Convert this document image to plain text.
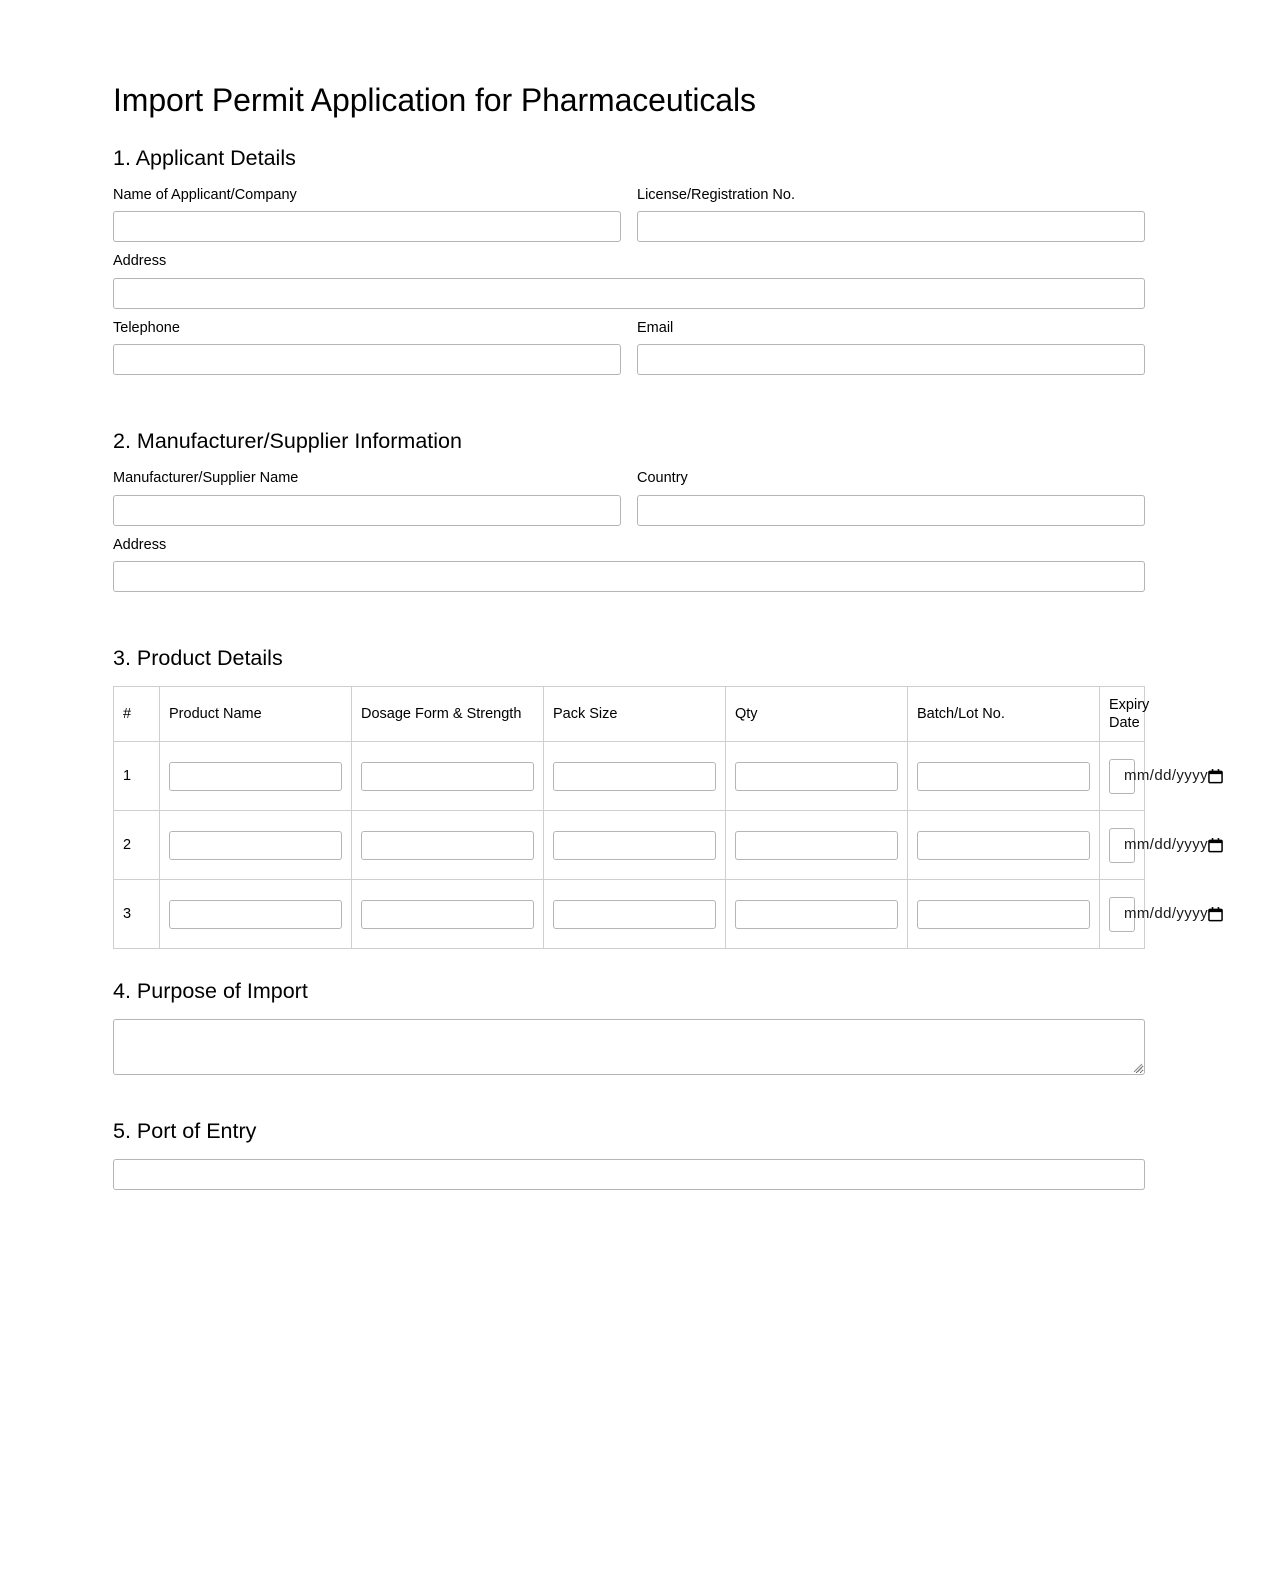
Import Permit Application for Pharmaceuticals
1. Applicant Details
Name of Applicant/Company	License/Registration No.
Address
Telephone	Email
2. Manufacturer/Supplier Information
Manufacturer/Supplier Name	Country
Address
3. Product Details
#	Product Name	Dosage Form & Strength	Pack Size	Qty	Batch/Lot No.	Expiry Date
1						mm/dd/yyyy

2						mm/dd/yyyy

3						mm/dd/yyyy
4. Purpose of Import
5. Port of Entry
